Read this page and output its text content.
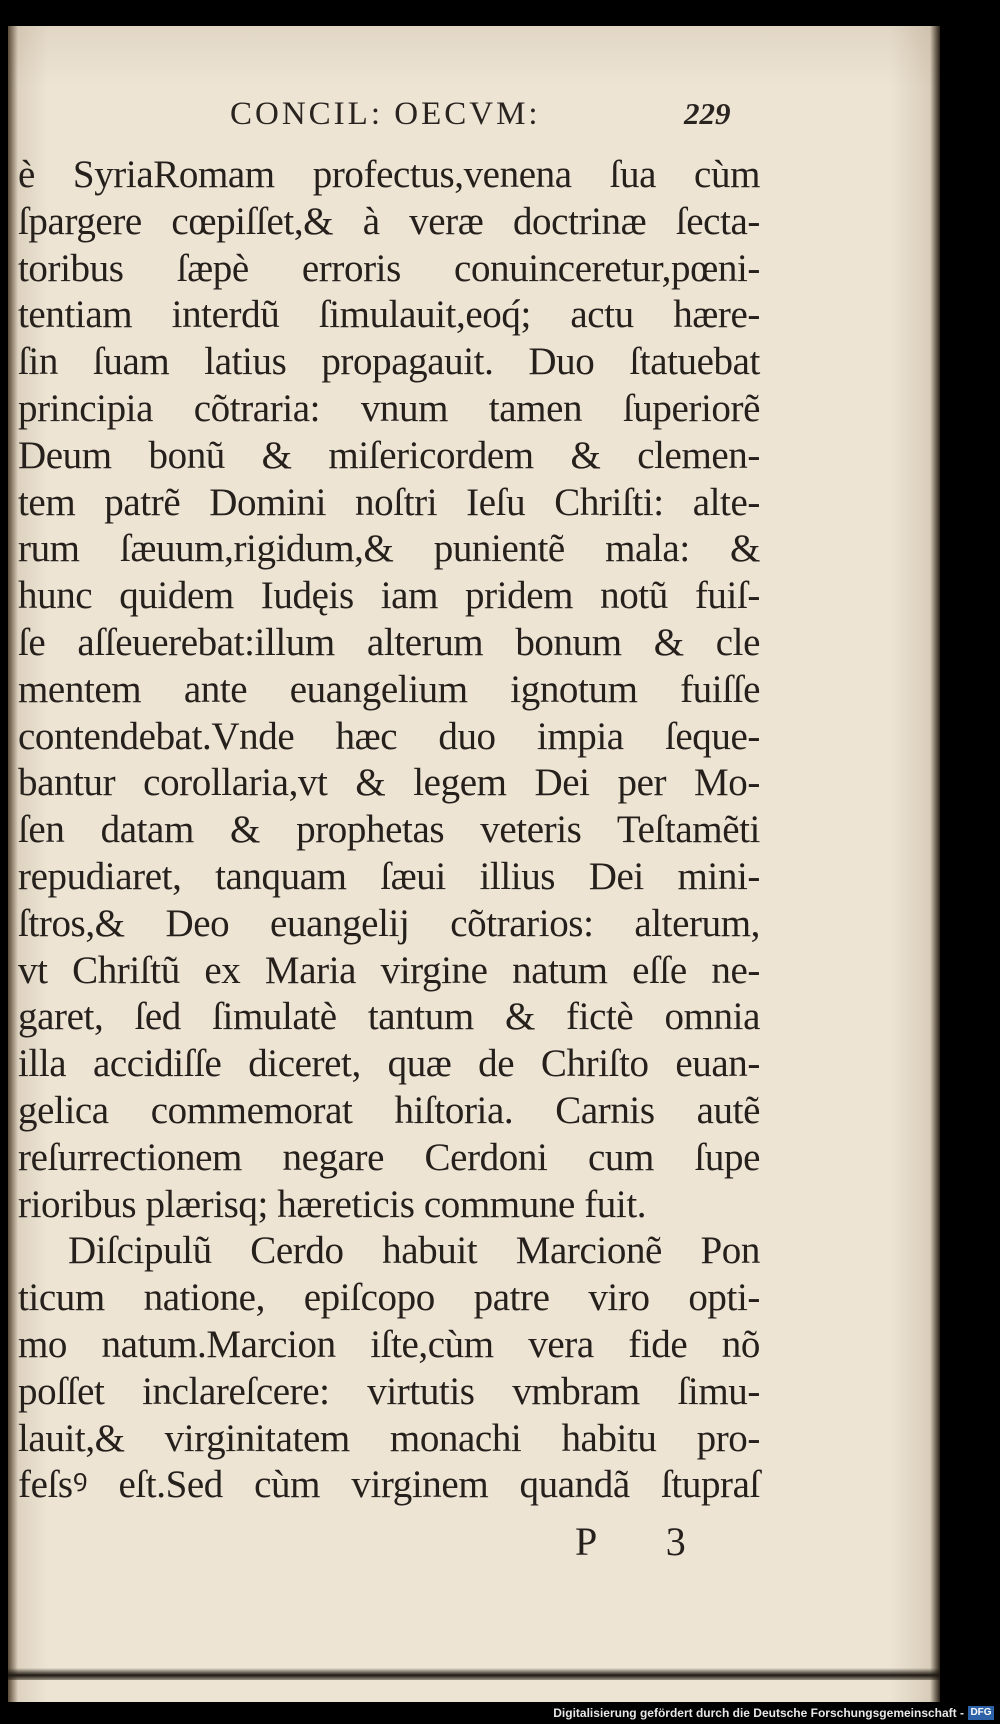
CONCIL: OECVM:	229
è SyriaRomam profectus,venena ſua cùm
ſpargere cœpiſſet,& à veræ doctrinæ ſecta-
toribus ſæpè erroris conuinceretur,pœni-
tentiam interdũ ſimulauit,eoq́; actu hære-
ſin ſuam latius propagauit. Duo ſtatuebat
principia cõtraria: vnum tamen ſuperiorẽ
Deum bonũ & miſericordem & clemen-
tem patrẽ Domini noſtri Ieſu Chriſti: alte-
rum ſæuum,rigidum,& punientẽ mala: &
hunc quidem Iudęis iam pridem notũ fuiſ-
ſe aſſeuerebat:illum alterum bonum & cle
mentem ante euangelium ignotum fuiſſe
contendebat.Vnde hæc duo impia ſeque-
bantur corollaria,vt & legem Dei per Mo-
ſen datam & prophetas veteris Teſtamẽti
repudiaret, tanquam ſæui illius Dei mini-
ſtros,& Deo euangelij cõtrarios: alterum,
vt Chriſtũ ex Maria virgine natum eſſe ne-
garet, ſed ſimulatè tantum & fictè omnia
illa accidiſſe diceret, quæ de Chriſto euan-
gelica commemorat hiſtoria. Carnis autẽ
reſurrectionem negare Cerdoni cum ſupe
rioribus plærisq; hæreticis commune fuit.
Diſcipulũ Cerdo habuit Marcionẽ Pon
ticum natione, epiſcopo patre viro opti-
mo natum.Marcion iſte,cùm vera fide nõ
poſſet inclareſcere: virtutis vmbram ſimu-
lauit,& virginitatem monachi habitu pro-
feſsꝰ eſt.Sed cùm virginem quandã ſtupraſ
P 3
Digitalisierung gefördert durch die Deutsche Forschungsgemeinschaft - DFG
